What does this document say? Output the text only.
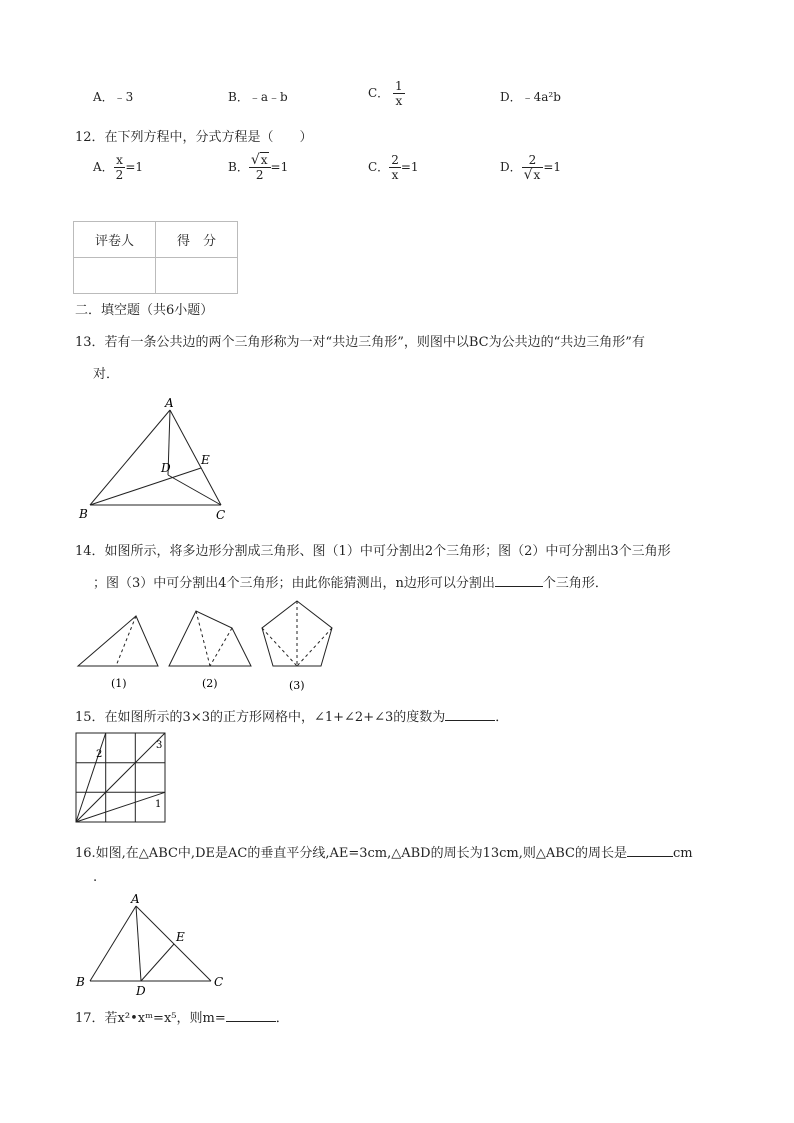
A．﹣3	B．﹣a﹣b	C． $\frac{1}{x}$	D．﹣4a²b
12．在下列方程中，分式方程是（　　）
A． $\frac{x}{2} =1$	B． $\frac{√x}{2} =1$	C． $\frac{2}{x} =1$	D． $\frac{2}{√x} =1$
评卷人	得　分

二．填空题（共6小题）
13．若有一条公共边的两个三角形称为一对“共边三角形”，则图中以BC为公共边的“共边三角形”有
对．
A
B	C
D
E
14．如图所示，将多边形分割成三角形、图（1）中可分割出2个三角形；图（2）中可分割出3个三角形
；图（3）中可分割出4个三角形；由此你能猜测出，n边形可以分割出	个三角形．
(1)	(2)	(3)
15．在如图所示的3×3的正方形网格中，∠1+∠2+∠3的度数为	．
1
2
3
16.如图,在△ABC中,DE是AC的垂直平分线,AE=3cm,△ABD的周长为13cm,则△ABC的周长是	cm
.
A
B	C
D
E
17．若x²•xᵐ=x⁵，则m=	．
